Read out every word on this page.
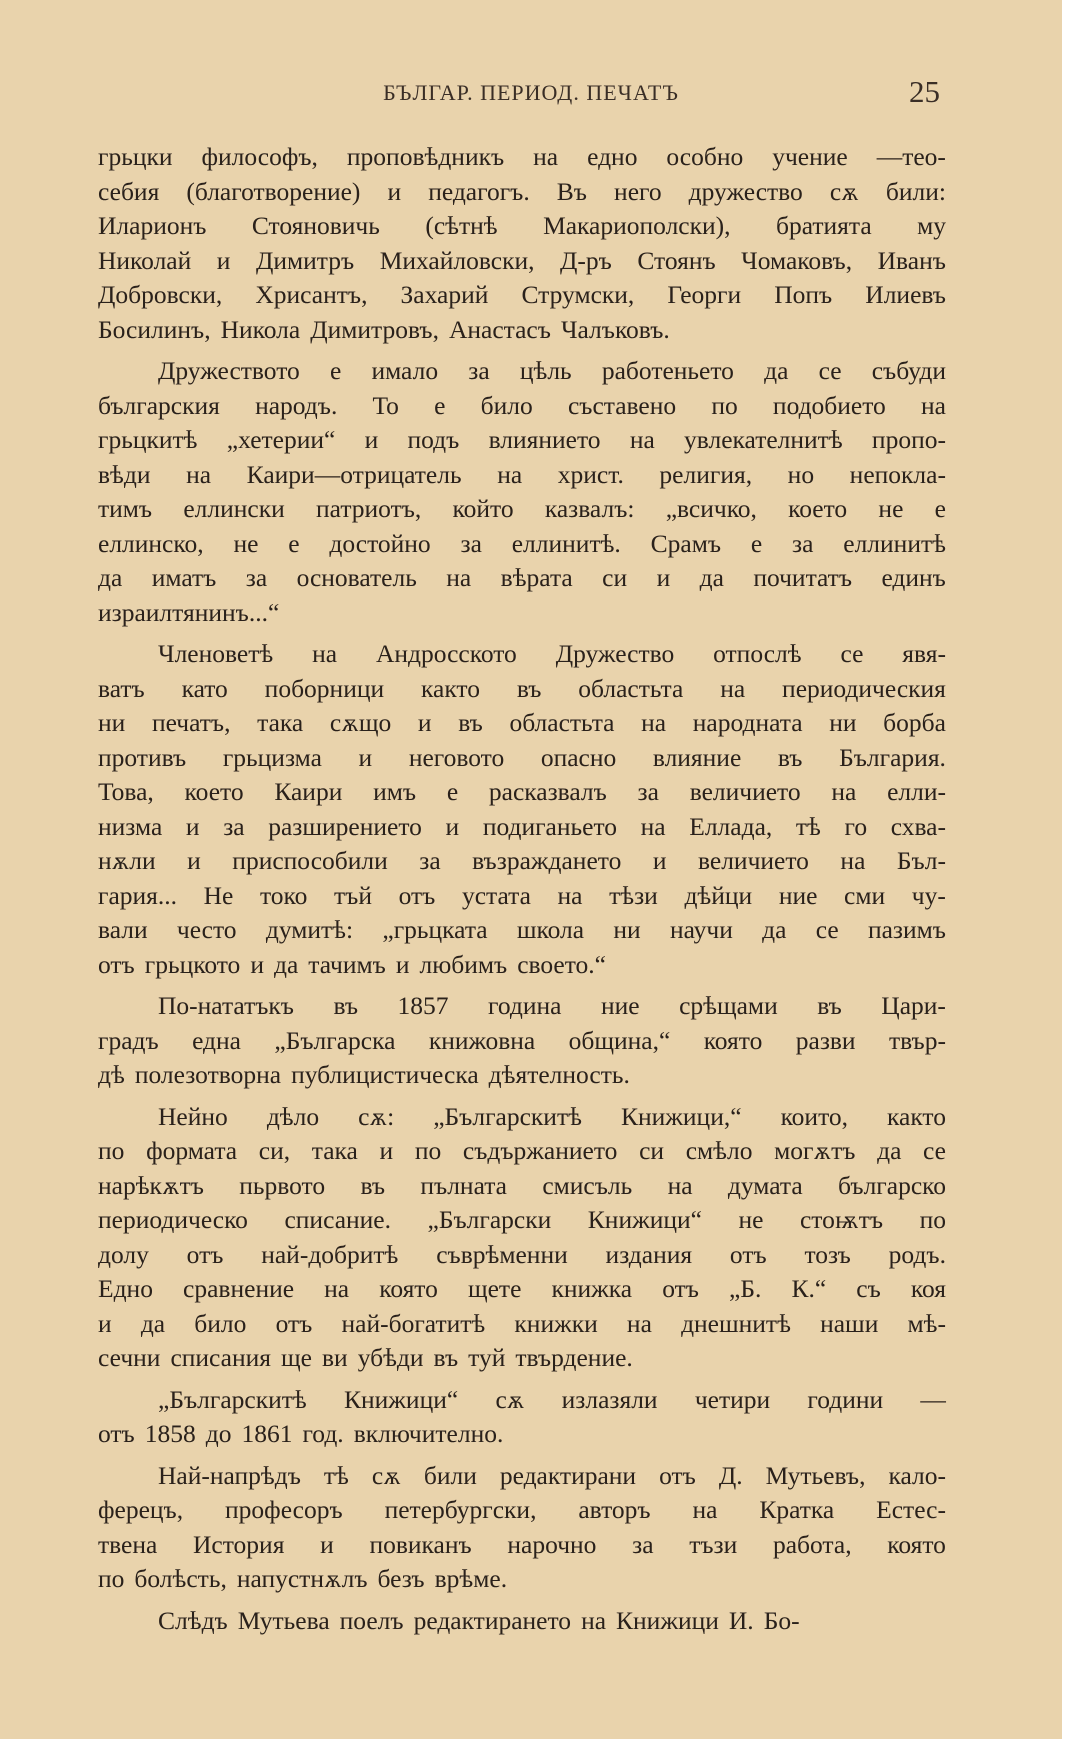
БЪЛГАР. ПЕРИОД. ПЕЧАТЪ	25
грьцки философъ, проповѣдникъ на едно особно учение —тео-
себия (благотворение) и педагогъ. Въ него дружество сѫ били:
Иларионъ Стояновичь (сѣтнѣ Макариополски), братията му
Николай и Димитръ Михайловски, Д-ръ Стоянъ Чомаковъ, Иванъ
Добровски, Хрисантъ, Захарий Струмски, Георги Попъ Илиевъ
Босилинъ, Никола Димитровъ, Анастасъ Чалъковъ.
Дружеството е имало за цѣль работеньето да се събуди
българския народъ. То е било съставено по подобието на
грьцкитѣ „хетерии“ и подъ влиянието на увлекателнитѣ пропо-
вѣди на Каири—отрицатель на христ. религия, но непокла-
тимъ еллински патриотъ, който казвалъ: „всичко, което не е
еллинско, не е достойно за еллинитѣ. Срамъ е за еллинитѣ
да иматъ за основатель на вѣрата си и да почитатъ единъ
израилтянинъ...“
Членоветѣ на Андросското Дружество отпослѣ се явя-
ватъ като поборници както въ областьта на периодическия
ни печатъ, така сѫщо и въ областьта на народната ни борба
противъ грьцизма и неговото опасно влияние въ България.
Това, което Каири имъ е расказвалъ за величието на елли-
низма и за разширението и подиганьето на Еллада, тѣ го схва-
нѫли и приспособили за възраждането и величието на Бъл-
гария... Не токо тъй отъ устата на тѣзи дѣйци ние сми чу-
вали често думитѣ: „грьцката школа ни научи да се пазимъ
отъ грьцкото и да тачимъ и любимъ своето.“
По-нататъкъ въ 1857 година ние срѣщами въ Цари-
градъ една „Българска книжовна община,“ която разви твър-
дѣ полезотворна публицистическа дѣятелность.
Нейно дѣло сѫ: „Българскитѣ Книжици,“ които, както
по формата си, така и по съдържанието си смѣло могѫтъ да се
нарѣкѫтъ пьрвото въ пълната смисъль на думата българско
периодическо списание. „Български Книжици“ не стоѭтъ по
долу отъ най-добритѣ съврѣменни издания отъ тозъ родъ.
Едно сравнение на която щете книжка отъ „Б. К.“ съ коя
и да било отъ най-богатитѣ книжки на днешнитѣ наши мѣ-
сечни списания ще ви убѣди въ туй твърдение.
„Българскитѣ Книжици“ сѫ излазяли четири години —
отъ 1858 до 1861 год. включително.
Най-напрѣдъ тѣ сѫ били редактирани отъ Д. Мутьевъ, кало-
ферецъ, професоръ петербургски, авторъ на Кратка Естес-
твена История и повиканъ нарочно за тъзи работа, която
по болѣсть, напустнѫлъ безъ врѣме.
Слѣдъ Мутьева поелъ редактирането на Книжици И. Бо-
